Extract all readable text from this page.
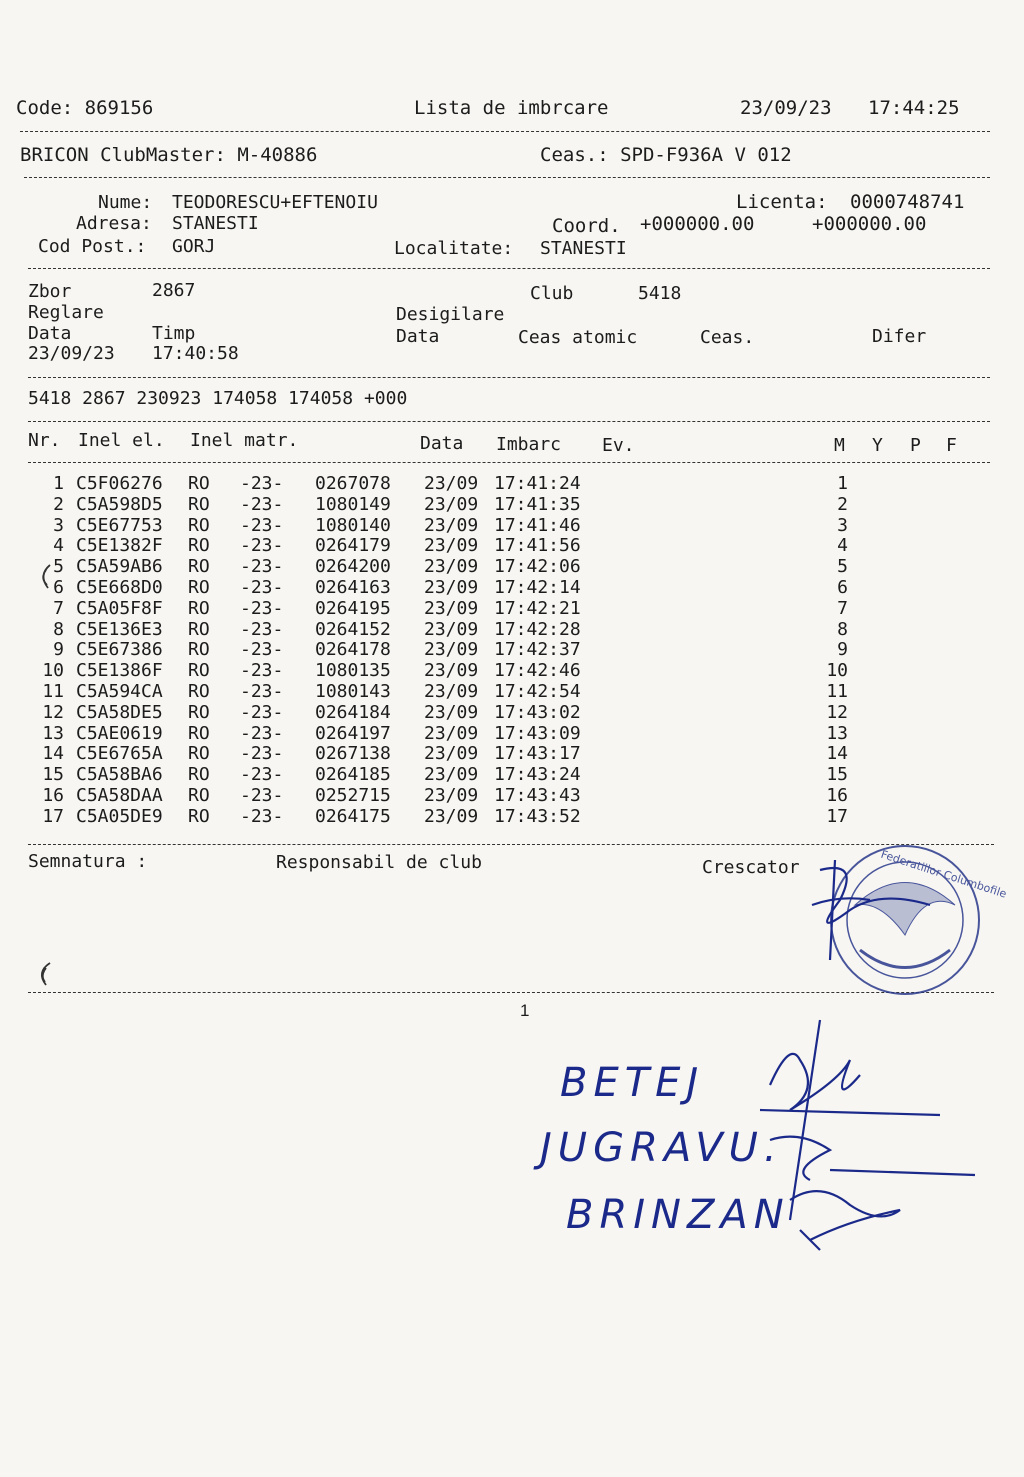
Code: 869156	Lista de imbrcare	23/09/23 17:44:25
BRICON ClubMaster: M-40886	Ceas.: SPD-F936A V 012
Nume: TEODORESCU+EFTENOIU	Licenta: 0000748741
Adresa: STANESTI	Coord. +000000.00	+000000.00
Cod Post.: GORJ	Localitate: STANESTI
Zbor	2867	Club	5418
Reglare	Desigilare
Data	Timp	Data	Ceas atomic	Ceas.	Difer
23/09/23 17:40:58
5418 2867 230923 174058 174058 +000
Nr. Inel el. Inel matr.	Data Imbarc Ev.	M Y P F
1 C5F06276 RO -23- 0267078 23/09 17:41:24	1
2 C5A598D5 RO -23- 1080149 23/09 17:41:35	2
3 C5E67753 RO -23- 1080140 23/09 17:41:46	3
4 C5E1382F RO -23- 0264179 23/09 17:41:56	4
5 C5A59AB6 RO -23- 0264200 23/09 17:42:06	5
6 C5E668D0 RO -23- 0264163 23/09 17:42:14	6
7 C5A05F8F RO -23- 0264195 23/09 17:42:21	7
8 C5E136E3 RO -23- 0264152 23/09 17:42:28	8
9 C5E67386 RO -23- 0264178 23/09 17:42:37	9
10 C5E1386F RO -23- 1080135 23/09 17:42:46	10
11 C5A594CA RO -23- 1080143 23/09 17:42:54	11
12 C5A58DE5 RO -23- 0264184 23/09 17:43:02	12
13 C5AE0619 RO -23- 0264197 23/09 17:43:09	13
14 C5E6765A RO -23- 0267138 23/09 17:43:17	14
15 C5A58BA6 RO -23- 0264185 23/09 17:43:24	15
16 C5A58DAA RO -23- 0252715 23/09 17:43:43	16
17 C5A05DE9 RO -23- 0264175 23/09 17:43:52	17
Semnatura :	Responsabil de club	Crescator
1
Federatiilor Columbofile
BETEJ
JUGRAVU.
BRINZAN
